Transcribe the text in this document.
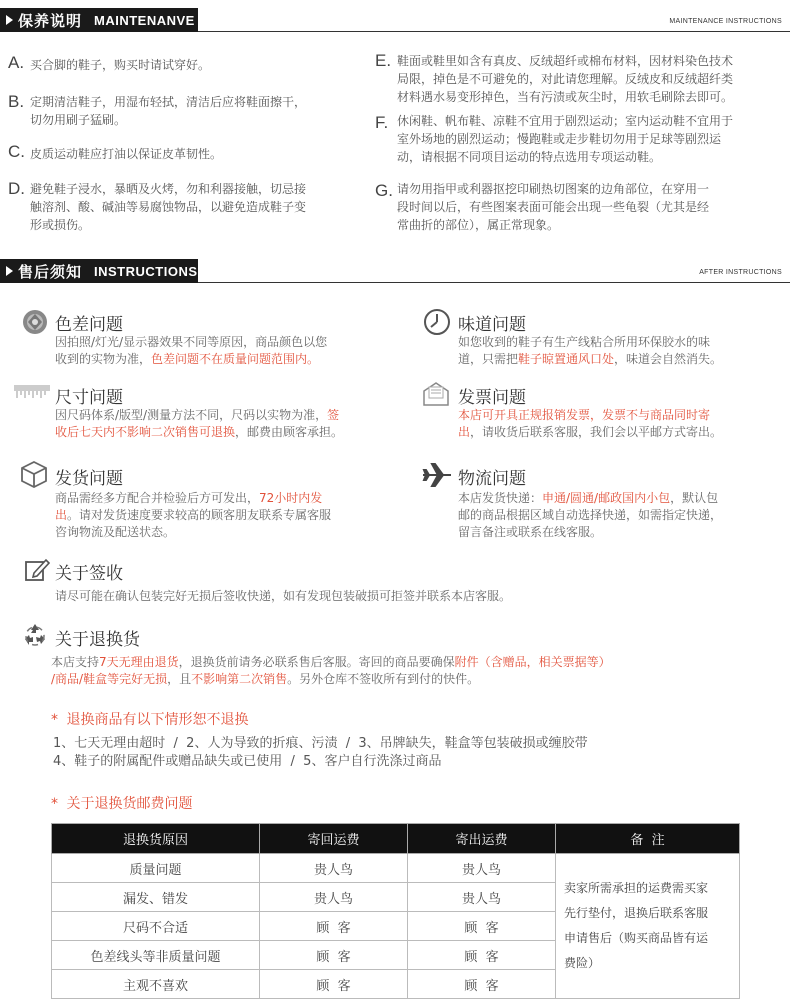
保养说明 MAINTENANVE	MAINTENANCE INSTRUCTIONS
A. 买合脚的鞋子，购买时请试穿好。
B. 定期清洁鞋子，用湿布轻拭，清洁后应将鞋面擦干，
切勿用刷子猛刷。
C. 皮质运动鞋应打油以保证皮革韧性。
D. 避免鞋子浸水，暴晒及火烤，勿和利器接触，切忌接
触溶剂、酸、碱油等易腐蚀物品，以避免造成鞋子变
形或损伤。
E. 鞋面或鞋里如含有真皮、反绒超纤或棉布材料，因材料染色技术
局限，掉色是不可避免的，对此请您理解。反绒皮和反绒超纤类
材料遇水易变形掉色，当有污渍或灰尘时，用软毛刷除去即可。
F. 休闲鞋、帆布鞋、凉鞋不宜用于剧烈运动；室内运动鞋不宜用于
室外场地的剧烈运动；慢跑鞋或走步鞋切勿用于足球等剧烈运
动，请根据不同项目运动的特点选用专项运动鞋。
G. 请勿用指甲或利器抠挖印刷热切图案的边角部位，在穿用一
段时间以后，有些图案表面可能会出现一些龟裂（尤其是经
常曲折的部位），属正常现象。
售后须知 INSTRUCTIONS	AFTER INSTRUCTIONS
色差问题
因拍照/灯光/显示器效果不同等原因，商品颜色以您
收到的实物为准，色差问题不在质量问题范围内。
味道问题
如您收到的鞋子有生产线粘合所用环保胶水的味
道，只需把鞋子晾置通风口处，味道会自然消失。
尺寸问题
因尺码体系/版型/测量方法不同，尺码以实物为准，签
收后七天内不影响二次销售可退换，邮费由顾客承担。
发票问题
本店可开具正规报销发票，发票不与商品同时寄
出，请收货后联系客服，我们会以平邮方式寄出。
发货问题
商品需经多方配合并检验后方可发出，72小时内发
出。请对发货速度要求较高的顾客朋友联系专属客服
咨询物流及配送状态。
物流问题
本店发货快递：申通/圆通/邮政国内小包，默认包
邮的商品根据区域自动选择快递，如需指定快递，
留言备注或联系在线客服。
关于签收
请尽可能在确认包装完好无损后签收快递，如有发现包装破损可拒签并联系本店客服。
关于退换货
本店支持7天无理由退货，退换货前请务必联系售后客服。寄回的商品要确保附件（含赠品，相关票据等）
/商品/鞋盒等完好无损，且不影响第二次销售。另外仓库不签收所有到付的快件。
* 退换商品有以下情形恕不退换
1、七天无理由超时  /  2、人为导致的折痕、污渍  /  3、吊牌缺失，鞋盒等包装破损或缠胶带
4、鞋子的附属配件或赠品缺失或已使用  /  5、客户自行洗涤过商品
* 关于退换货邮费问题
退换货原因	寄回运费	寄出运费	备  注
质量问题	贵人鸟	贵人鸟	卖家所需承担的运费需买家
先行垫付，退换后联系客服
申请售后（购买商品皆有运
费险）

漏发、错发	贵人鸟	贵人鸟	
尺码不合适	顾  客	顾  客	
色差线头等非质量问题	顾  客	顾  客	
主观不喜欢	顾  客	顾  客	
